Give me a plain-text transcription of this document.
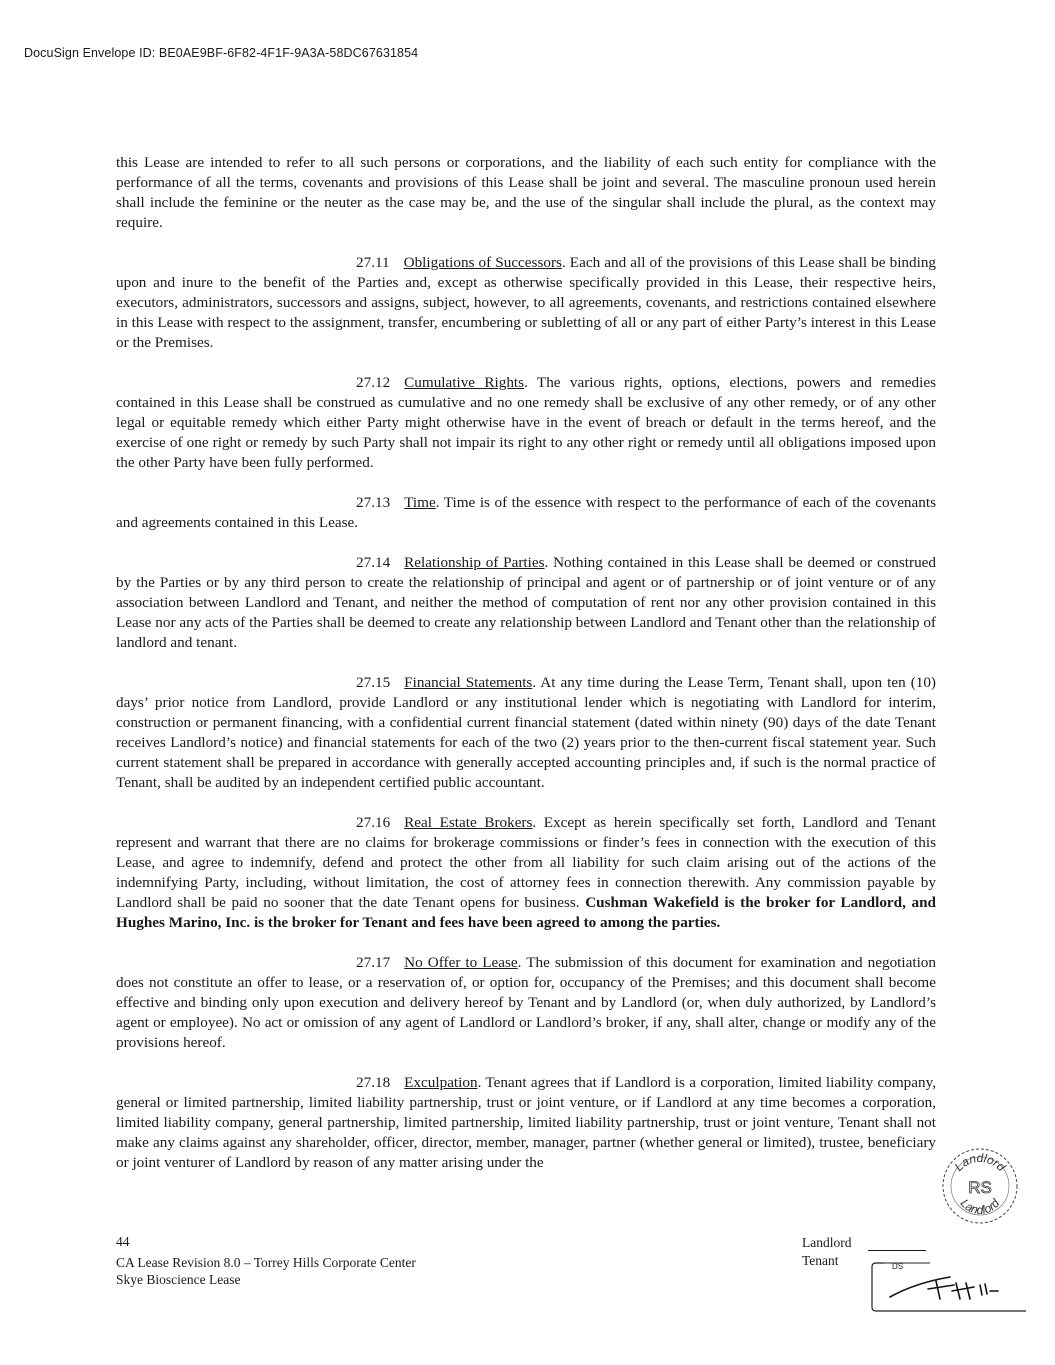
DocuSign Envelope ID: BE0AE9BF-6F82-4F1F-9A3A-58DC67631854

this Lease are intended to refer to all such persons or corporations, and the liability of each such entity for compliance with the performance of all the terms, covenants and provisions of this Lease shall be joint and several. The masculine pronoun used herein shall include the feminine or the neuter as the case may be, and the use of the singular shall include the plural, as the context may require.

27.11 Obligations of Successors. Each and all of the provisions of this Lease shall be binding upon and inure to the benefit of the Parties and, except as otherwise specifically provided in this Lease, their respective heirs, executors, administrators, successors and assigns, subject, however, to all agreements, covenants, and restrictions contained elsewhere in this Lease with respect to the assignment, transfer, encumbering or subletting of all or any part of either Party’s interest in this Lease or the Premises.

27.12 Cumulative Rights. The various rights, options, elections, powers and remedies contained in this Lease shall be construed as cumulative and no one remedy shall be exclusive of any other remedy, or of any other legal or equitable remedy which either Party might otherwise have in the event of breach or default in the terms hereof, and the exercise of one right or remedy by such Party shall not impair its right to any other right or remedy until all obligations imposed upon the other Party have been fully performed.

27.13 Time. Time is of the essence with respect to the performance of each of the covenants and agreements contained in this Lease.

27.14 Relationship of Parties. Nothing contained in this Lease shall be deemed or construed by the Parties or by any third person to create the relationship of principal and agent or of partnership or of joint venture or of any association between Landlord and Tenant, and neither the method of computation of rent nor any other provision contained in this Lease nor any acts of the Parties shall be deemed to create any relationship between Landlord and Tenant other than the relationship of landlord and tenant.

27.15 Financial Statements. At any time during the Lease Term, Tenant shall, upon ten (10) days’ prior notice from Landlord, provide Landlord or any institutional lender which is negotiating with Landlord for interim, construction or permanent financing, with a confidential current financial statement (dated within ninety (90) days of the date Tenant receives Landlord’s notice) and financial statements for each of the two (2) years prior to the then-current fiscal statement year. Such current statement shall be prepared in accordance with generally accepted accounting principles and, if such is the normal practice of Tenant, shall be audited by an independent certified public accountant.

27.16 Real Estate Brokers. Except as herein specifically set forth, Landlord and Tenant represent and warrant that there are no claims for brokerage commissions or finder’s fees in connection with the execution of this Lease, and agree to indemnify, defend and protect the other from all liability for such claim arising out of the actions of the indemnifying Party, including, without limitation, the cost of attorney fees in connection therewith. Any commission payable by Landlord shall be paid no sooner that the date Tenant opens for business. Cushman Wakefield is the broker for Landlord, and Hughes Marino, Inc. is the broker for Tenant and fees have been agreed to among the parties.

27.17 No Offer to Lease. The submission of this document for examination and negotiation does not constitute an offer to lease, or a reservation of, or option for, occupancy of the Premises; and this document shall become effective and binding only upon execution and delivery hereof by Tenant and by Landlord (or, when duly authorized, by Landlord’s agent or employee). No act or omission of any agent of Landlord or Landlord’s broker, if any, shall alter, change or modify any of the provisions hereof.

27.18 Exculpation. Tenant agrees that if Landlord is a corporation, limited liability company, general or limited partnership, limited liability partnership, trust or joint venture, or if Landlord at any time becomes a corporation, limited liability company, general partnership, limited partnership, limited liability partnership, trust or joint venture, Tenant shall not make any claims against any shareholder, officer, director, member, manager, partner (whether general or limited), trustee, beneficiary or joint venturer of Landlord by reason of any matter arising under the	Landlord
RS
Landlord
44
CA Lease Revision 8.0 – Torrey Hills Corporate Center
Skye Bioscience Lease
Landlord
Tenant	DS
